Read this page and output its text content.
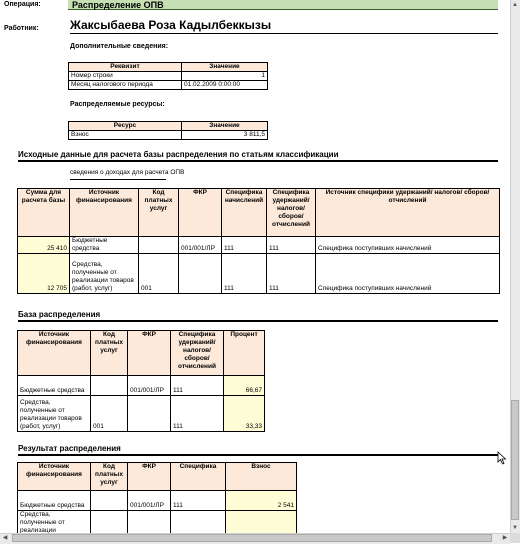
Операция:	Распределение ОПВ
Работник:	Жаксыбаева Роза Кадылбеккызы
Дополнительные сведения:
Реквизит	Значение
Номер строки	1
Месяц налогового периода	01.02.2009 0:00:00
Распределяемые ресурсы:
Ресурс	Значение
Взнос	3 811,5
Исходные данные для расчета базы распределения по статьям классификации
сведения о доходах для расчета ОПВ
Сумма для расчета базы	Источник финансирования	Код платных услуг	ФКР	Специфика начислений	Специфика удержаний/ налогов/ сборов/ отчислений	Источник специфики удержаний/ налогов/ сборов/ отчислений
25 410	Бюджетные средства		001/001/ЛР	111	111	Специфика поступивших начислений
12 705	Средства, полученные от реализации товаров (работ, услуг)	001		111	111	Специфика поступивших начислений
База распределения
Источник финансирования	Код платных услуг	ФКР	Специфика удержаний/ налогов/ сборов/ отчислений	Процент
Бюджетные средства		001/001/ЛР	111	66,67
Средства, полученные от реализации товаров (работ, услуг)	001		111	33,33
Результат распределения
Источник финансирования	Код платных услуг	ФКР	Специфика	Взнос
Бюджетные средства		001/001/ЛР	111	2 541
Средства, полученные от реализации				
▲
▼
◀	▶
